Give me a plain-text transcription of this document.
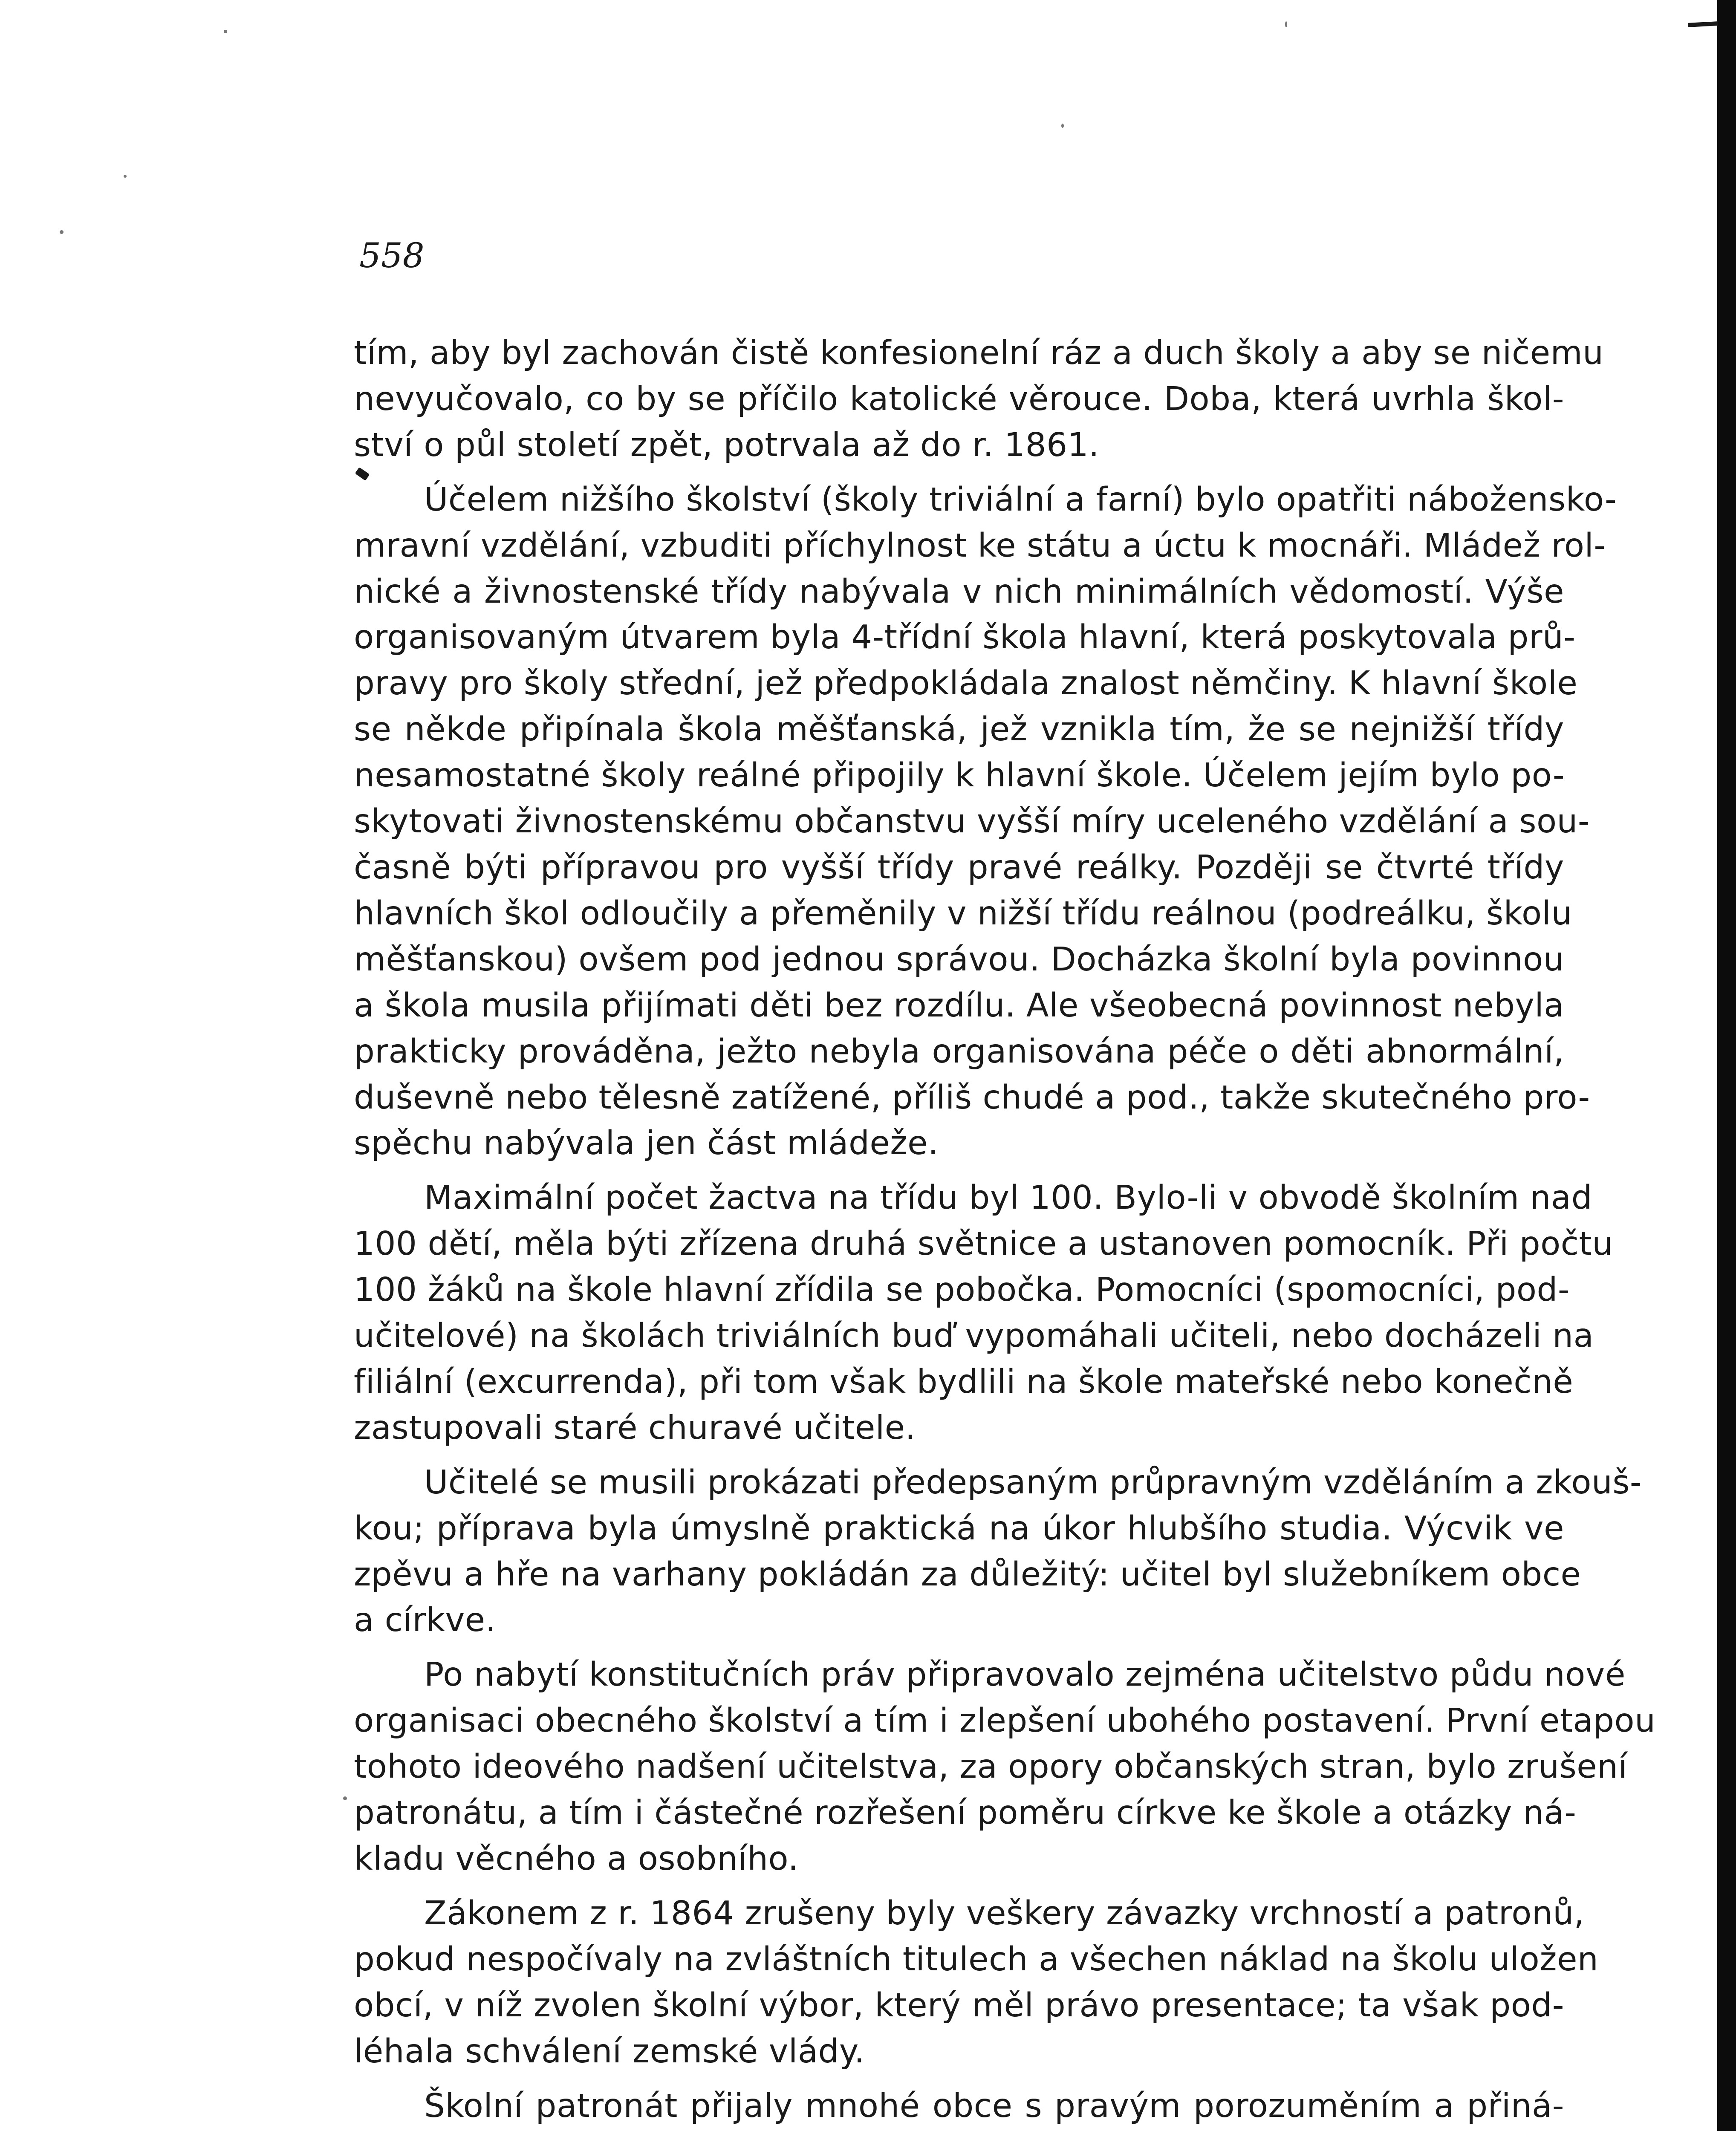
558

tím, aby byl zachován čistě konfesionelní ráz a duch školy a aby se ničemu
nevyučovalo, co by se příčilo katolické věrouce. Doba, která uvrhla škol-
ství o půl století zpět, potrvala až do r. 1861.

Účelem nižšího školství (školy triviální a farní) bylo opatřiti nábožensko-
mravní vzdělání, vzbuditi příchylnost ke státu a úctu k mocnáři. Mládež rol-
nické a živnostenské třídy nabývala v nich minimálních vědomostí. Výše
organisovaným útvarem byla 4-třídní škola hlavní, která poskytovala prů-
pravy pro školy střední, jež předpokládala znalost němčiny. K hlavní škole
se někde připínala škola měšťanská, jež vznikla tím, že se nejnižší třídy
nesamostatné školy reálné připojily k hlavní škole. Účelem jejím bylo po-
skytovati živnostenskému občanstvu vyšší míry uceleného vzdělání a sou-
časně býti přípravou pro vyšší třídy pravé reálky. Později se čtvrté třídy
hlavních škol odloučily a přeměnily v nižší třídu reálnou (podreálku, školu
měšťanskou) ovšem pod jednou správou. Docházka školní byla povinnou
a škola musila přijímati děti bez rozdílu. Ale všeobecná povinnost nebyla
prakticky prováděna, ježto nebyla organisována péče o děti abnormální,
duševně nebo tělesně zatížené, příliš chudé a pod., takže skutečného pro-
spěchu nabývala jen část mládeže.

Maximální počet žactva na třídu byl 100. Bylo-li v obvodě školním nad
100 dětí, měla býti zřízena druhá světnice a ustanoven pomocník. Při počtu
100 žáků na škole hlavní zřídila se pobočka. Pomocníci (spomocníci, pod-
učitelové) na školách triviálních buď vypomáhali učiteli, nebo docházeli na
filiální (excurrenda), při tom však bydlili na škole mateřské nebo konečně
zastupovali staré churavé učitele.

Učitelé se musili prokázati předepsaným průpravným vzděláním a zkouš-
kou; příprava byla úmyslně praktická na úkor hlubšího studia. Výcvik ve
zpěvu a hře na varhany pokládán za důležitý: učitel byl služebníkem obce
a církve.

Po nabytí konstitučních práv připravovalo zejména učitelstvo půdu nové
organisaci obecného školství a tím i zlepšení ubohého postavení. První etapou
tohoto ideového nadšení učitelstva, za opory občanských stran, bylo zrušení
patronátu, a tím i částečné rozřešení poměru církve ke škole a otázky ná-
kladu věcného a osobního.

Zákonem z r. 1864 zrušeny byly veškery závazky vrchností a patronů,
pokud nespočívaly na zvláštních titulech a všechen náklad na školu uložen
obcí, v níž zvolen školní výbor, který měl právo presentace; ta však pod-
léhala schválení zemské vlády.

Školní patronát přijaly mnohé obce s pravým porozuměním a přiná-
